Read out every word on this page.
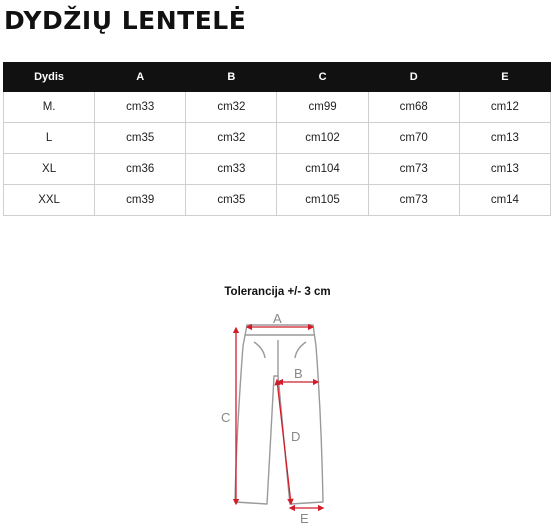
DYDŽIŲ LENTELĖ
Dydis	A	B	C	D	E
M.	cm33	cm32	cm99	cm68	cm12
L	cm35	cm32	cm102	cm70	cm13
XL	cm36	cm33	cm104	cm73	cm13
XXL	cm39	cm35	cm105	cm73	cm14
Tolerancija +/- 3 cm
A
B
C
D
E
